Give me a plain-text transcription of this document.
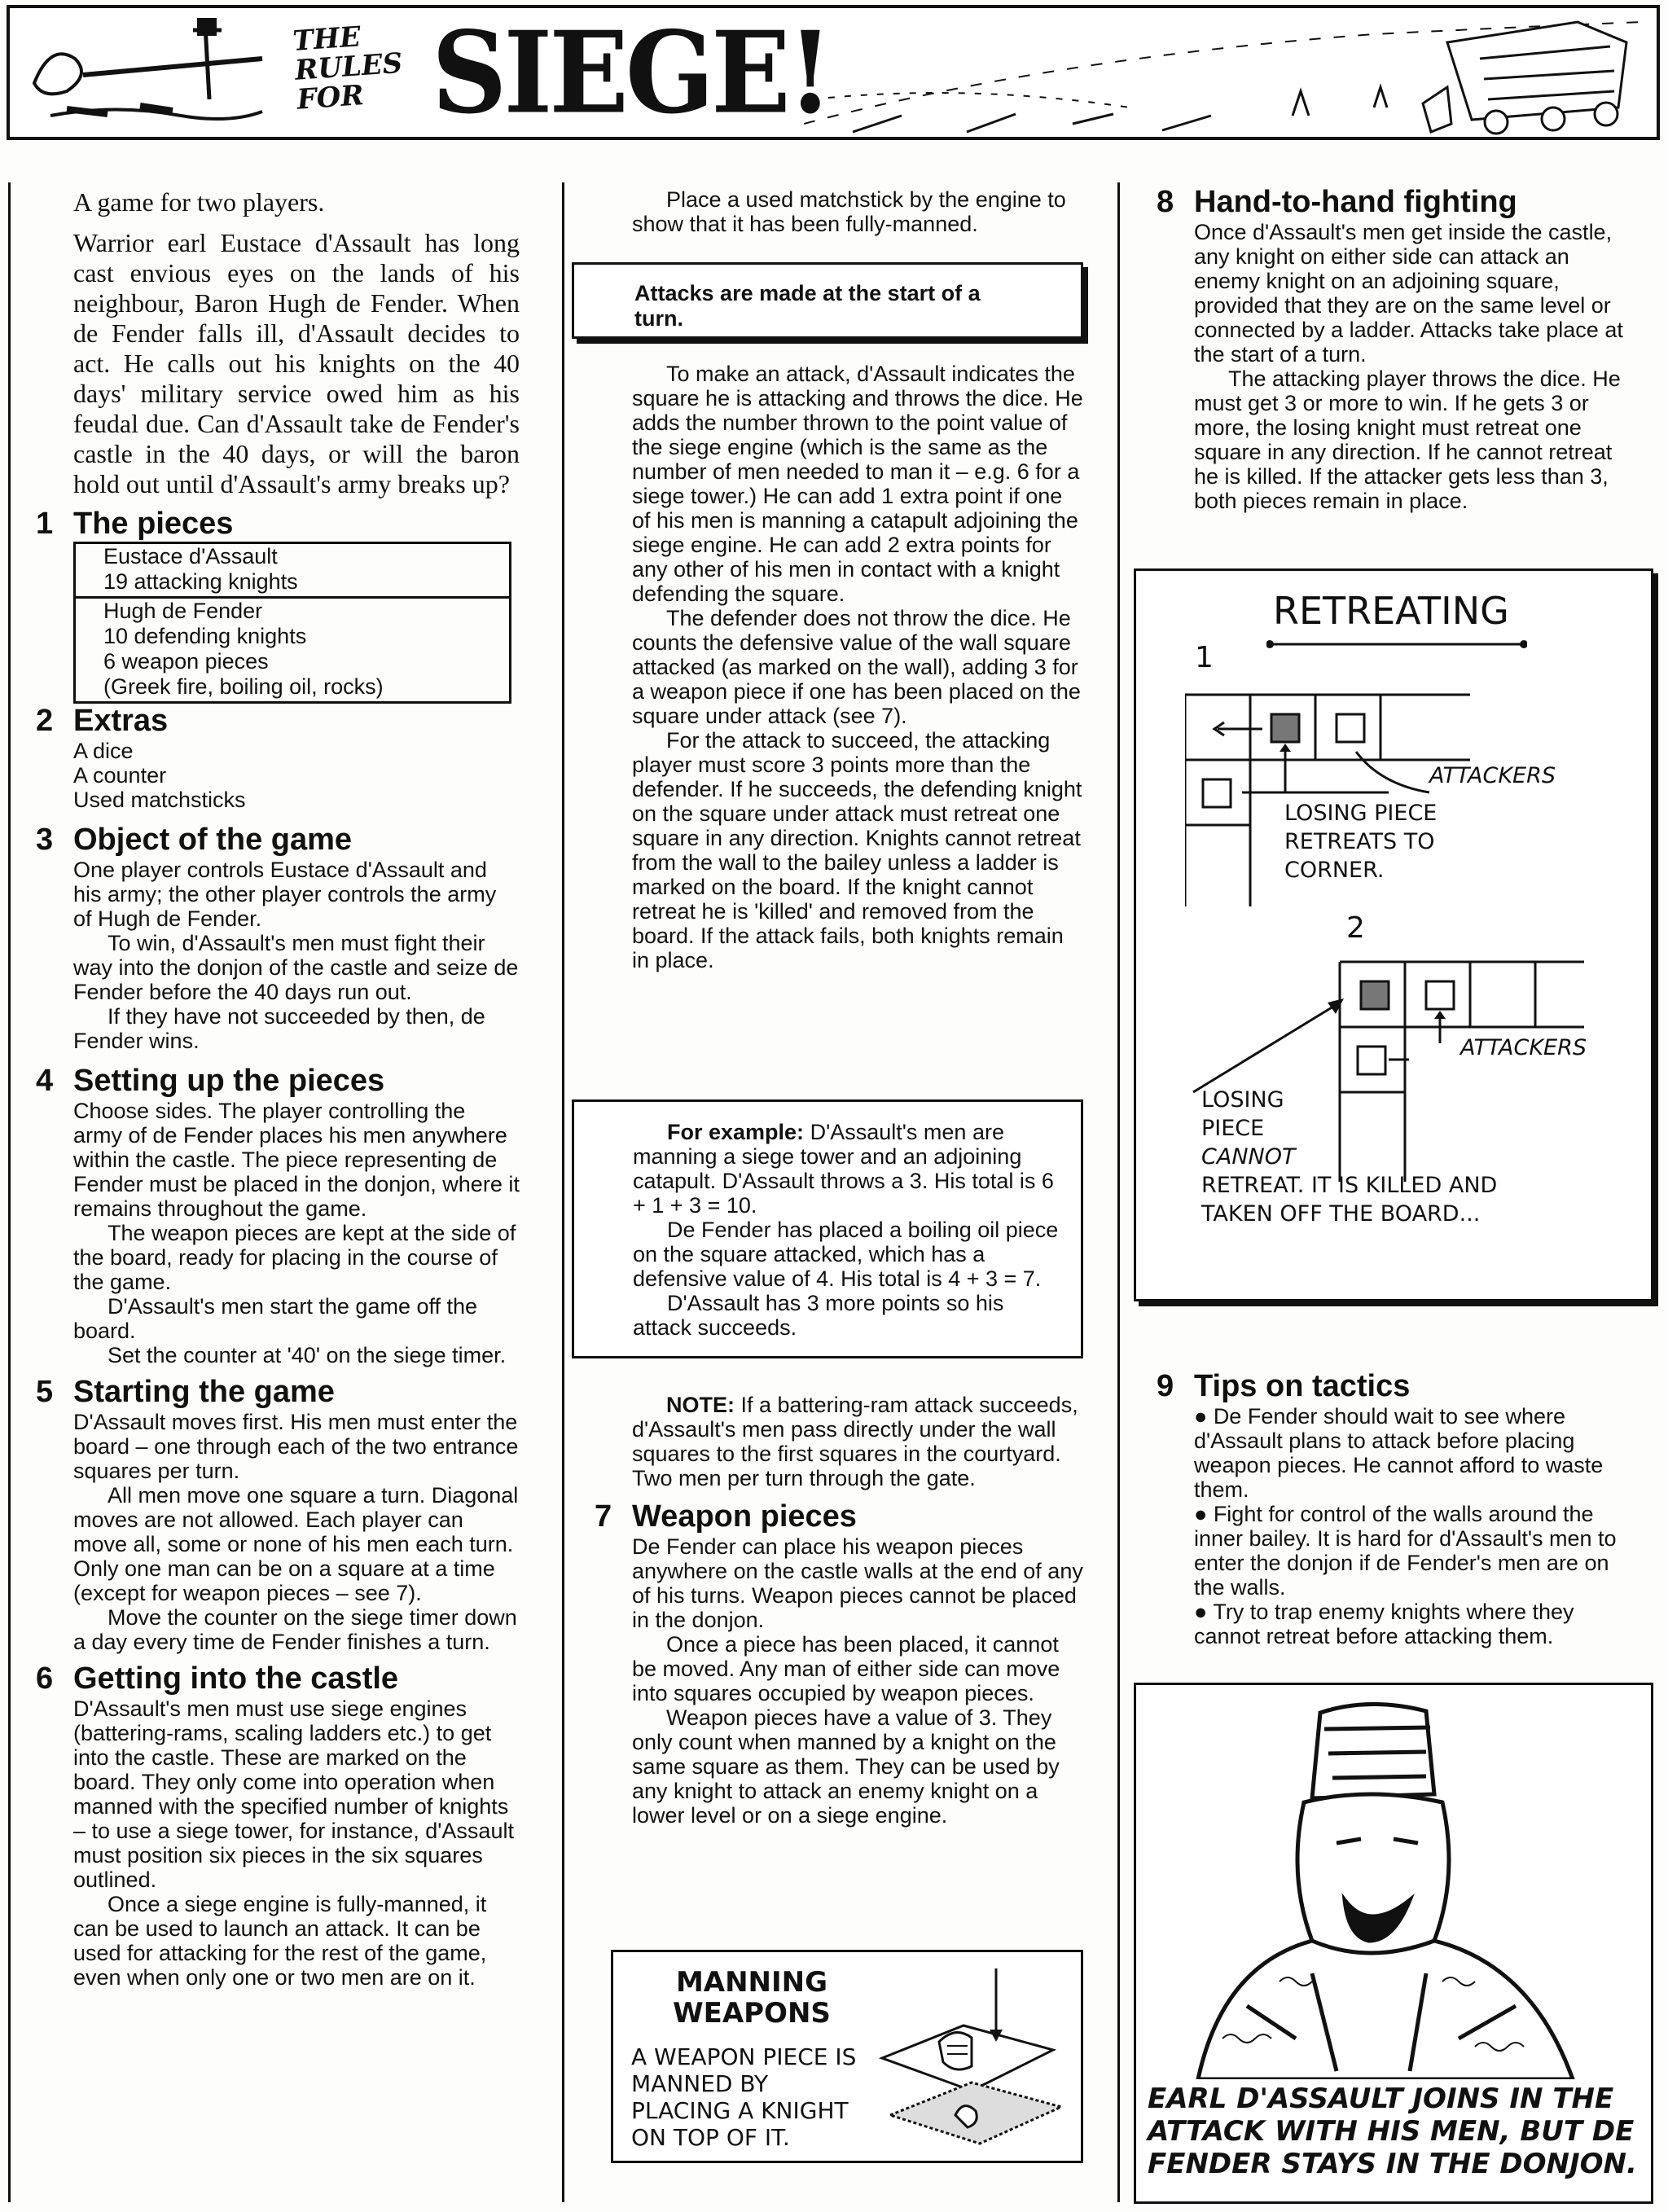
THE RULES FOR SIEGE!

A game for two players.

Warrior earl Eustace d'Assault has long cast envious eyes on the lands of his neighbour, Baron Hugh de Fender. When de Fender falls ill, d'Assault decides to act. He calls out his knights on the 40 days' military service owed him as his feudal due. Can d'Assault take de Fender's castle in the 40 days, or will the baron hold out until d'Assault's army breaks up?

1 The pieces
Eustace d'Assault
19 attacking knights
Hugh de Fender
10 defending knights
6 weapon pieces
(Greek fire, boiling oil, rocks)
2 Extras

A dice

A counter

Used matchsticks

3 Object of the game

One player controls Eustace d'Assault and his army; the other player controls the army of Hugh de Fender.

To win, d'Assault's men must fight their way into the donjon of the castle and seize de Fender before the 40 days run out.

If they have not succeeded by then, de Fender wins.

4 Setting up the pieces

Choose sides. The player controlling the army of de Fender places his men anywhere within the castle. The piece representing de Fender must be placed in the donjon, where it remains throughout the game.

The weapon pieces are kept at the side of the board, ready for placing in the course of the game.

D'Assault's men start the game off the board.

Set the counter at '40' on the siege timer.

5 Starting the game

D'Assault moves first. His men must enter the board – one through each of the two entrance squares per turn.

All men move one square a turn. Diagonal moves are not allowed. Each player can move all, some or none of his men each turn. Only one man can be on a square at a time (except for weapon pieces – see 7).

Move the counter on the siege timer down a day every time de Fender finishes a turn.

6 Getting into the castle

D'Assault's men must use siege engines (battering-rams, scaling ladders etc.) to get into the castle. These are marked on the board. They only come into operation when manned with the specified number of knights – to use a siege tower, for instance, d'Assault must position six pieces in the six squares outlined.

Once a siege engine is fully-manned, it can be used to launch an attack. It can be used for attacking for the rest of the game, even when only one or two men are on it.

Place a used matchstick by the engine to show that it has been fully-manned.

Attacks are made at the start of a turn.

To make an attack, d'Assault indicates the square he is attacking and throws the dice. He adds the number thrown to the point value of the siege engine (which is the same as the number of men needed to man it – e.g. 6 for a siege tower.) He can add 1 extra point if one of his men is manning a catapult adjoining the siege engine. He can add 2 extra points for any other of his men in contact with a knight defending the square.

The defender does not throw the dice. He counts the defensive value of the wall square attacked (as marked on the wall), adding 3 for a weapon piece if one has been placed on the square under attack (see 7).

For the attack to succeed, the attacking player must score 3 points more than the defender. If he succeeds, the defending knight on the square under attack must retreat one square in any direction. Knights cannot retreat from the wall to the bailey unless a ladder is marked on the board. If the knight cannot retreat he is 'killed' and removed from the board. If the attack fails, both knights remain in place.

For example: D'Assault's men are manning a siege tower and an adjoining catapult. D'Assault throws a 3. His total is 6 + 1 + 3 = 10.

De Fender has placed a boiling oil piece on the square attacked, which has a defensive value of 4. His total is 4 + 3 = 7.

D'Assault has 3 more points so his attack succeeds.

NOTE: If a battering-ram attack succeeds, d'Assault's men pass directly under the wall squares to the first squares in the courtyard. Two men per turn through the gate.

7 Weapon pieces

De Fender can place his weapon pieces anywhere on the castle walls at the end of any of his turns. Weapon pieces cannot be placed in the donjon.

Once a piece has been placed, it cannot be moved. Any man of either side can move into squares occupied by weapon pieces.

Weapon pieces have a value of 3. They only count when manned by a knight on the same square as them. They can be used by any knight to attack an enemy knight on a lower level or on a siege engine.

MANNING WEAPONS
A WEAPON PIECE IS MANNED BY PLACING A KNIGHT ON TOP OF IT.
8 Hand-to-hand fighting

Once d'Assault's men get inside the castle, any knight on either side can attack an enemy knight on an adjoining square, provided that they are on the same level or connected by a ladder. Attacks take place at the start of a turn.

The attacking player throws the dice. He must get 3 or more to win. If he gets 3 or more, the losing knight must retreat one square in any direction. If he cannot retreat he is killed. If the attacker gets less than 3, both pieces remain in place.

RETREATING
1
ATTACKERS
LOSING PIECE RETREATS TO CORNER.
2
ATTACKERS
LOSING PIECE
CANNOT
RETREAT. IT IS KILLED AND TAKEN OFF THE BOARD...
9 Tips on tactics

● De Fender should wait to see where d'Assault plans to attack before placing weapon pieces. He cannot afford to waste them.

● Fight for control of the walls around the inner bailey. It is hard for d'Assault's men to enter the donjon if de Fender's men are on the walls.

● Try to trap enemy knights where they cannot retreat before attacking them.

EARL D'ASSAULT JOINS IN THE ATTACK WITH HIS MEN, BUT DE FENDER STAYS IN THE DONJON.
